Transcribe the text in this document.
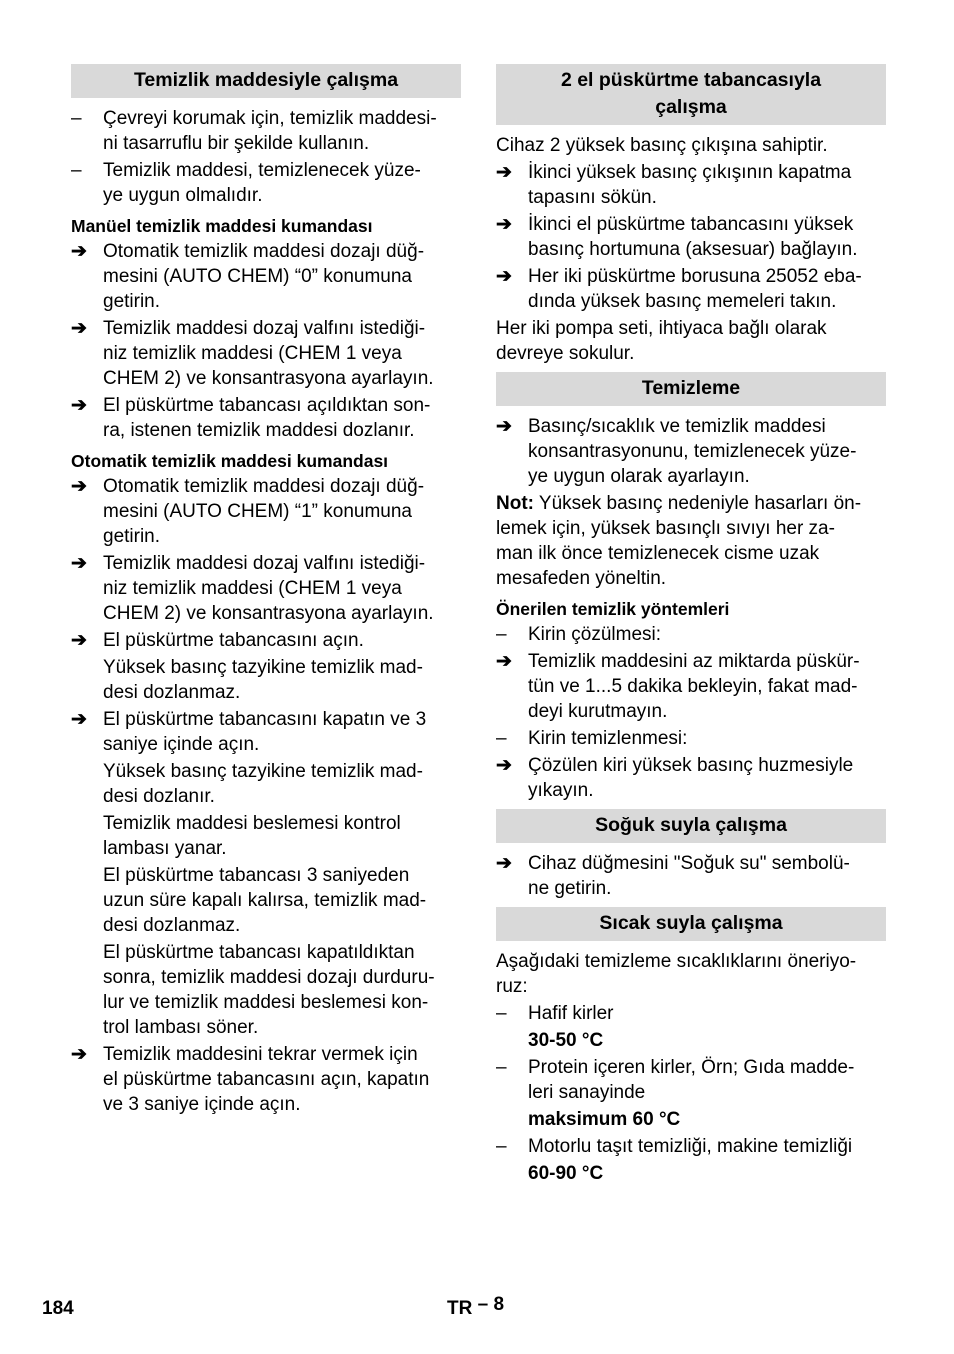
Temizlik maddesiyle çalışma
–	Çevreyi korumak için, temizlik maddesi-
ni tasarruflu bir şekilde kullanın.
–	Temizlik maddesi, temizlenecek yüze-
ye uygun olmalıdır.
Manüel temizlik maddesi kumandası
➔ Otomatik temizlik maddesi dozajı düğ-
mesini (AUTO CHEM) “0” konumuna
getirin.
➔ Temizlik maddesi dozaj valfını istediği-
niz temizlik maddesi (CHEM 1 veya
CHEM 2) ve konsantrasyona ayarlayın.
➔ El püskürtme tabancası açıldıktan son-
ra, istenen temizlik maddesi dozlanır.
Otomatik temizlik maddesi kumandası
➔ Otomatik temizlik maddesi dozajı düğ-
mesini (AUTO CHEM) “1” konumuna
getirin.
➔ Temizlik maddesi dozaj valfını istediği-
niz temizlik maddesi (CHEM 1 veya
CHEM 2) ve konsantrasyona ayarlayın.
➔ El püskürtme tabancasını açın.
Yüksek basınç tazyikine temizlik mad-
desi dozlanmaz.
➔ El püskürtme tabancasını kapatın ve 3
saniye içinde açın.
Yüksek basınç tazyikine temizlik mad-
desi dozlanır.
Temizlik maddesi beslemesi kontrol
lambası yanar.
El püskürtme tabancası 3 saniyeden
uzun süre kapalı kalırsa, temizlik mad-
desi dozlanmaz.
El püskürtme tabancası kapatıldıktan
sonra, temizlik maddesi dozajı durduru-
lur ve temizlik maddesi beslemesi kon-
trol lambası söner.
➔ Temizlik maddesini tekrar vermek için
el püskürtme tabancasını açın, kapatın
ve 3 saniye içinde açın.
2 el püskürtme tabancasıyla
çalışma
Cihaz 2 yüksek basınç çıkışına sahiptir.
➔ İkinci yüksek basınç çıkışının kapatma
tapasını sökün.
➔ İkinci el püskürtme tabancasını yüksek
basınç hortumuna (aksesuar) bağlayın.
➔ Her iki püskürtme borusuna 25052 eba-
dında yüksek basınç memeleri takın.
Her iki pompa seti, ihtiyaca bağlı olarak
devreye sokulur.
Temizleme
➔ Basınç/sıcaklık ve temizlik maddesi
konsantrasyonunu, temizlenecek yüze-
ye uygun olarak ayarlayın.
Not: Yüksek basınç nedeniyle hasarları ön-
lemek için, yüksek basınçlı sıvıyı her za-
man ilk önce temizlenecek cisme uzak
mesafeden yöneltin.
Önerilen temizlik yöntemleri
–	Kirin çözülmesi:
➔ Temizlik maddesini az miktarda püskür-
tün ve 1...5 dakika bekleyin, fakat mad-
deyi kurutmayın.
–	Kirin temizlenmesi:
➔ Çözülen kiri yüksek basınç huzmesiyle
yıkayın.
Soğuk suyla çalışma
➔ Cihaz düğmesini "Soğuk su" sembolü-
ne getirin.
Sıcak suyla çalışma
Aşağıdaki temizleme sıcaklıklarını öneriyo-
ruz:
–	Hafif kirler
30-50 °C
–	Protein içeren kirler, Örn; Gıda madde-
leri sanayinde
maksimum 60 °C
–	Motorlu taşıt temizliği, makine temizliği
60-90 °C
184	TR – 8
